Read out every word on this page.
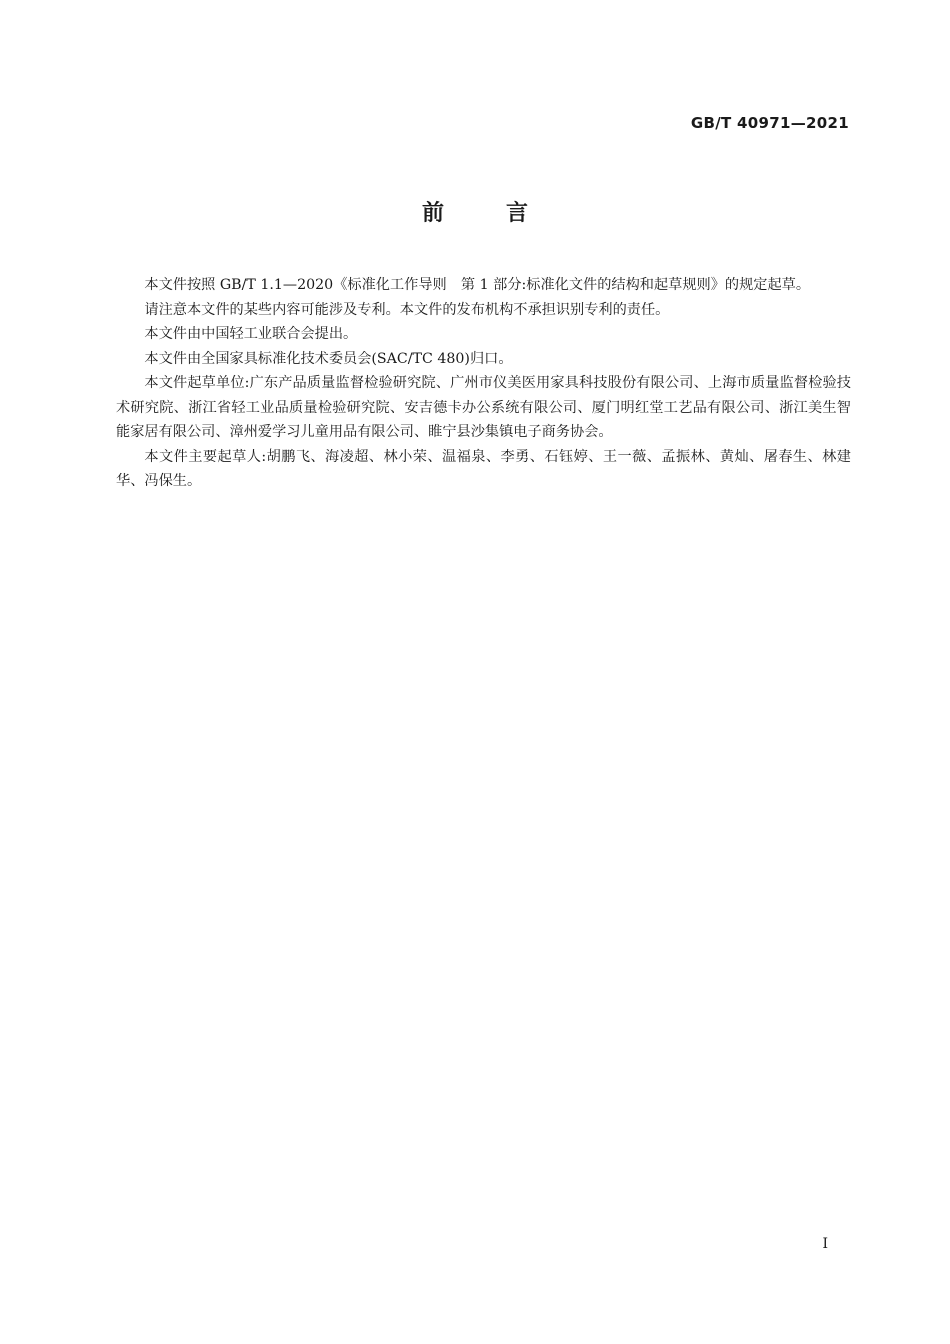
GB/T 40971—2021
前言

本文件按照 GB/T 1.1—2020《标准化工作导则　第 1 部分:标准化文件的结构和起草规则》的规定起草。

请注意本文件的某些内容可能涉及专利。本文件的发布机构不承担识别专利的责任。

本文件由中国轻工业联合会提出。

本文件由全国家具标准化技术委员会(SAC/TC 480)归口。

本文件起草单位:广东产品质量监督检验研究院、广州市仪美医用家具科技股份有限公司、上海市质量监督检验技术研究院、浙江省轻工业品质量检验研究院、安吉德卡办公系统有限公司、厦门明红堂工艺品有限公司、浙江美生智能家居有限公司、漳州爱学习儿童用品有限公司、睢宁县沙集镇电子商务协会。

本文件主要起草人:胡鹏飞、海凌超、林小荣、温福泉、李勇、石钰婷、王一薇、孟振林、黄灿、屠春生、林建华、冯保生。

I
